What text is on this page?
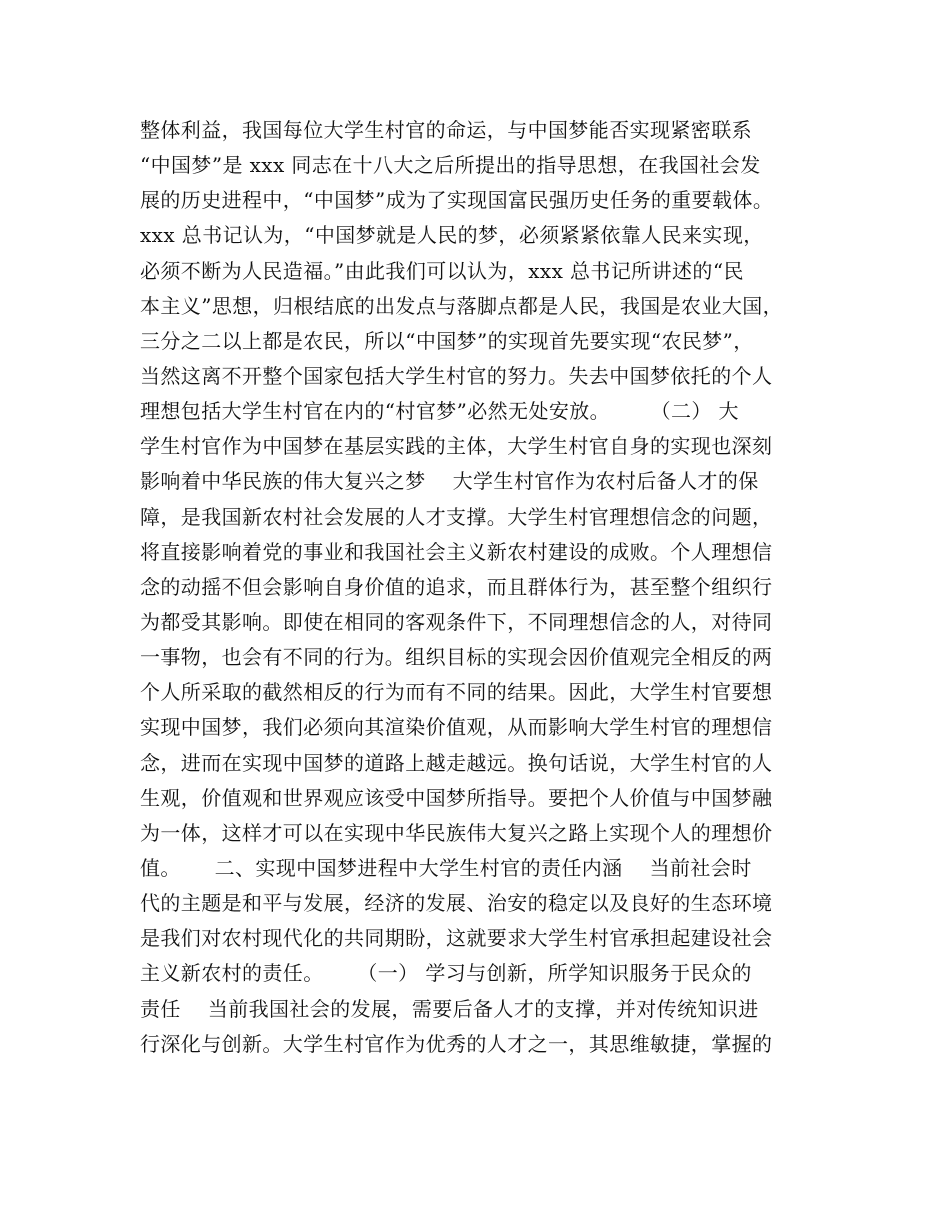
整体利益，我国每位大学生村官的命运，与中国梦能否实现紧密联系
“中国梦”是 xxx 同志在十八大之后所提出的指导思想，在我国社会发
展的历史进程中，“中国梦”成为了实现国富民强历史任务的重要载体。
xxx 总书记认为，“中国梦就是人民的梦，必须紧紧依靠人民来实现，
必须不断为人民造福。”由此我们可以认为，xxx 总书记所讲述的“民
本主义”思想，归根结底的出发点与落脚点都是人民，我国是农业大国，
三分之二以上都是农民，所以“中国梦”的实现首先要实现“农民梦”，
当然这离不开整个国家包括大学生村官的努力。失去中国梦依托的个人
理想包括大学生村官在内的“村官梦”必然无处安放。      （二） 大
学生村官作为中国梦在基层实践的主体，大学生村官自身的实现也深刻
影响着中华民族的伟大复兴之梦    大学生村官作为农村后备人才的保
障，是我国新农村社会发展的人才支撑。大学生村官理想信念的问题，
将直接影响着党的事业和我国社会主义新农村建设的成败。个人理想信
念的动摇不但会影响自身价值的追求，而且群体行为，甚至整个组织行
为都受其影响。即使在相同的客观条件下，不同理想信念的人，对待同
一事物，也会有不同的行为。组织目标的实现会因价值观完全相反的两
个人所采取的截然相反的行为而有不同的结果。因此，大学生村官要想
实现中国梦，我们必须向其渲染价值观，从而影响大学生村官的理想信
念，进而在实现中国梦的道路上越走越远。换句话说，大学生村官的人
生观，价值观和世界观应该受中国梦所指导。要把个人价值与中国梦融
为一体，这样才可以在实现中华民族伟大复兴之路上实现个人的理想价
值。     二、实现中国梦进程中大学生村官的责任内涵    当前社会时
代的主题是和平与发展，经济的发展、治安的稳定以及良好的生态环境
是我们对农村现代化的共同期盼，这就要求大学生村官承担起建设社会
主义新农村的责任。     （一） 学习与创新，所学知识服务于民众的
责任    当前我国社会的发展，需要后备人才的支撑，并对传统知识进
行深化与创新。大学生村官作为优秀的人才之一，其思维敏捷，掌握的
